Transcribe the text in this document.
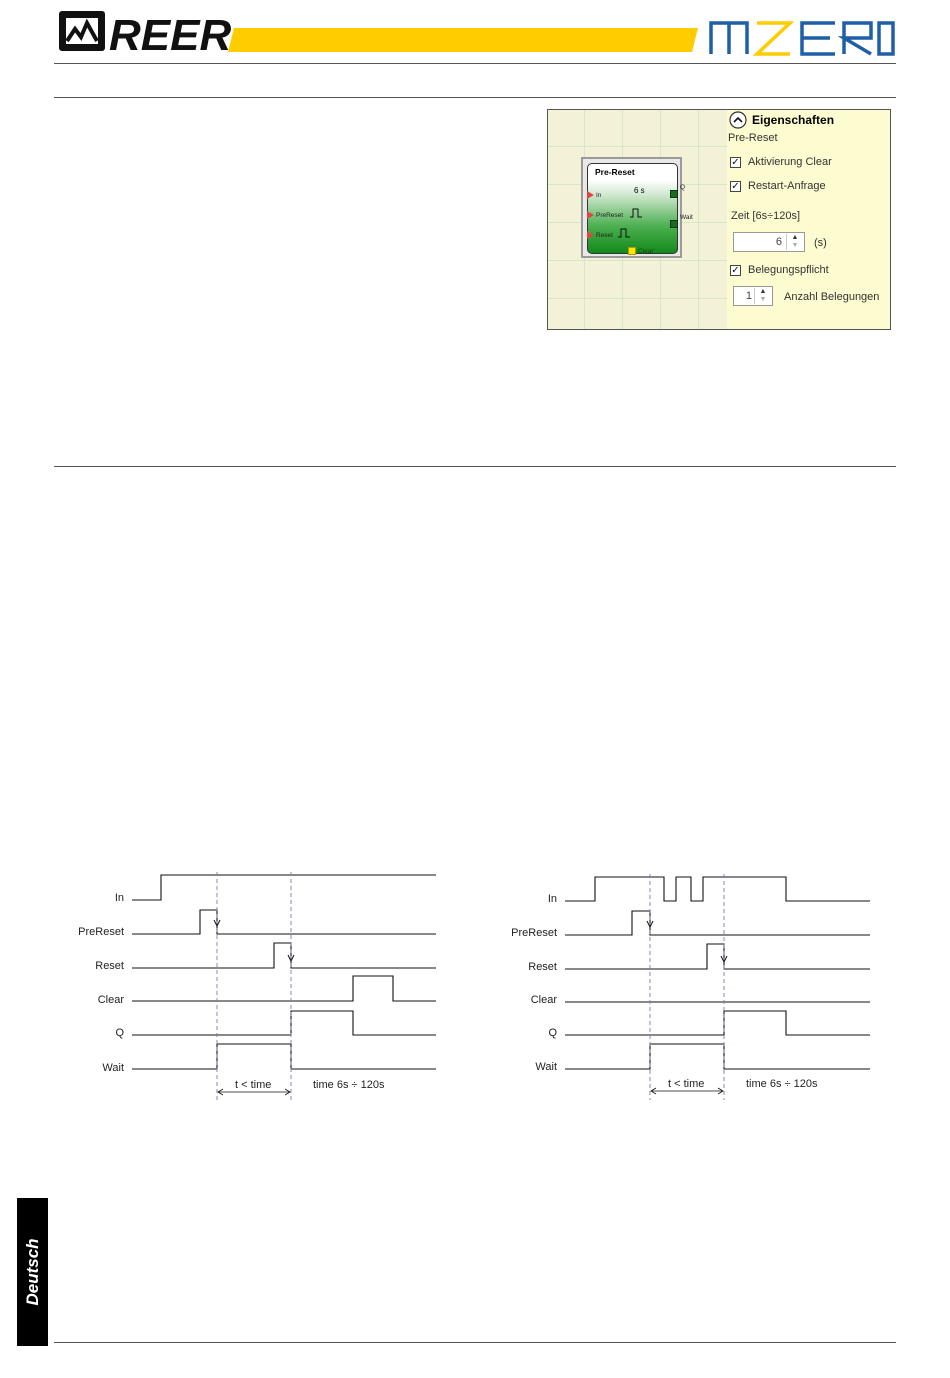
REER	MZERO
Pre-Reset
6 s
In
PreReset
Reset
Q
Wait
Clear
Eigenschaften
Pre-Reset
✓ Aktivierung Clear
✓ Restart-Anfrage
Zeit [6s÷120s]
6	▲
▼	(s)
✓ Belegungspflicht
1	▲
▼	Anzahl Belegungen
In
PreReset
Reset
Clear
Q
Wait
t < time	time 6s ÷ 120s
In
PreReset
Reset
Clear
Q
Wait
t < time	time 6s ÷ 120s
Deutsch
